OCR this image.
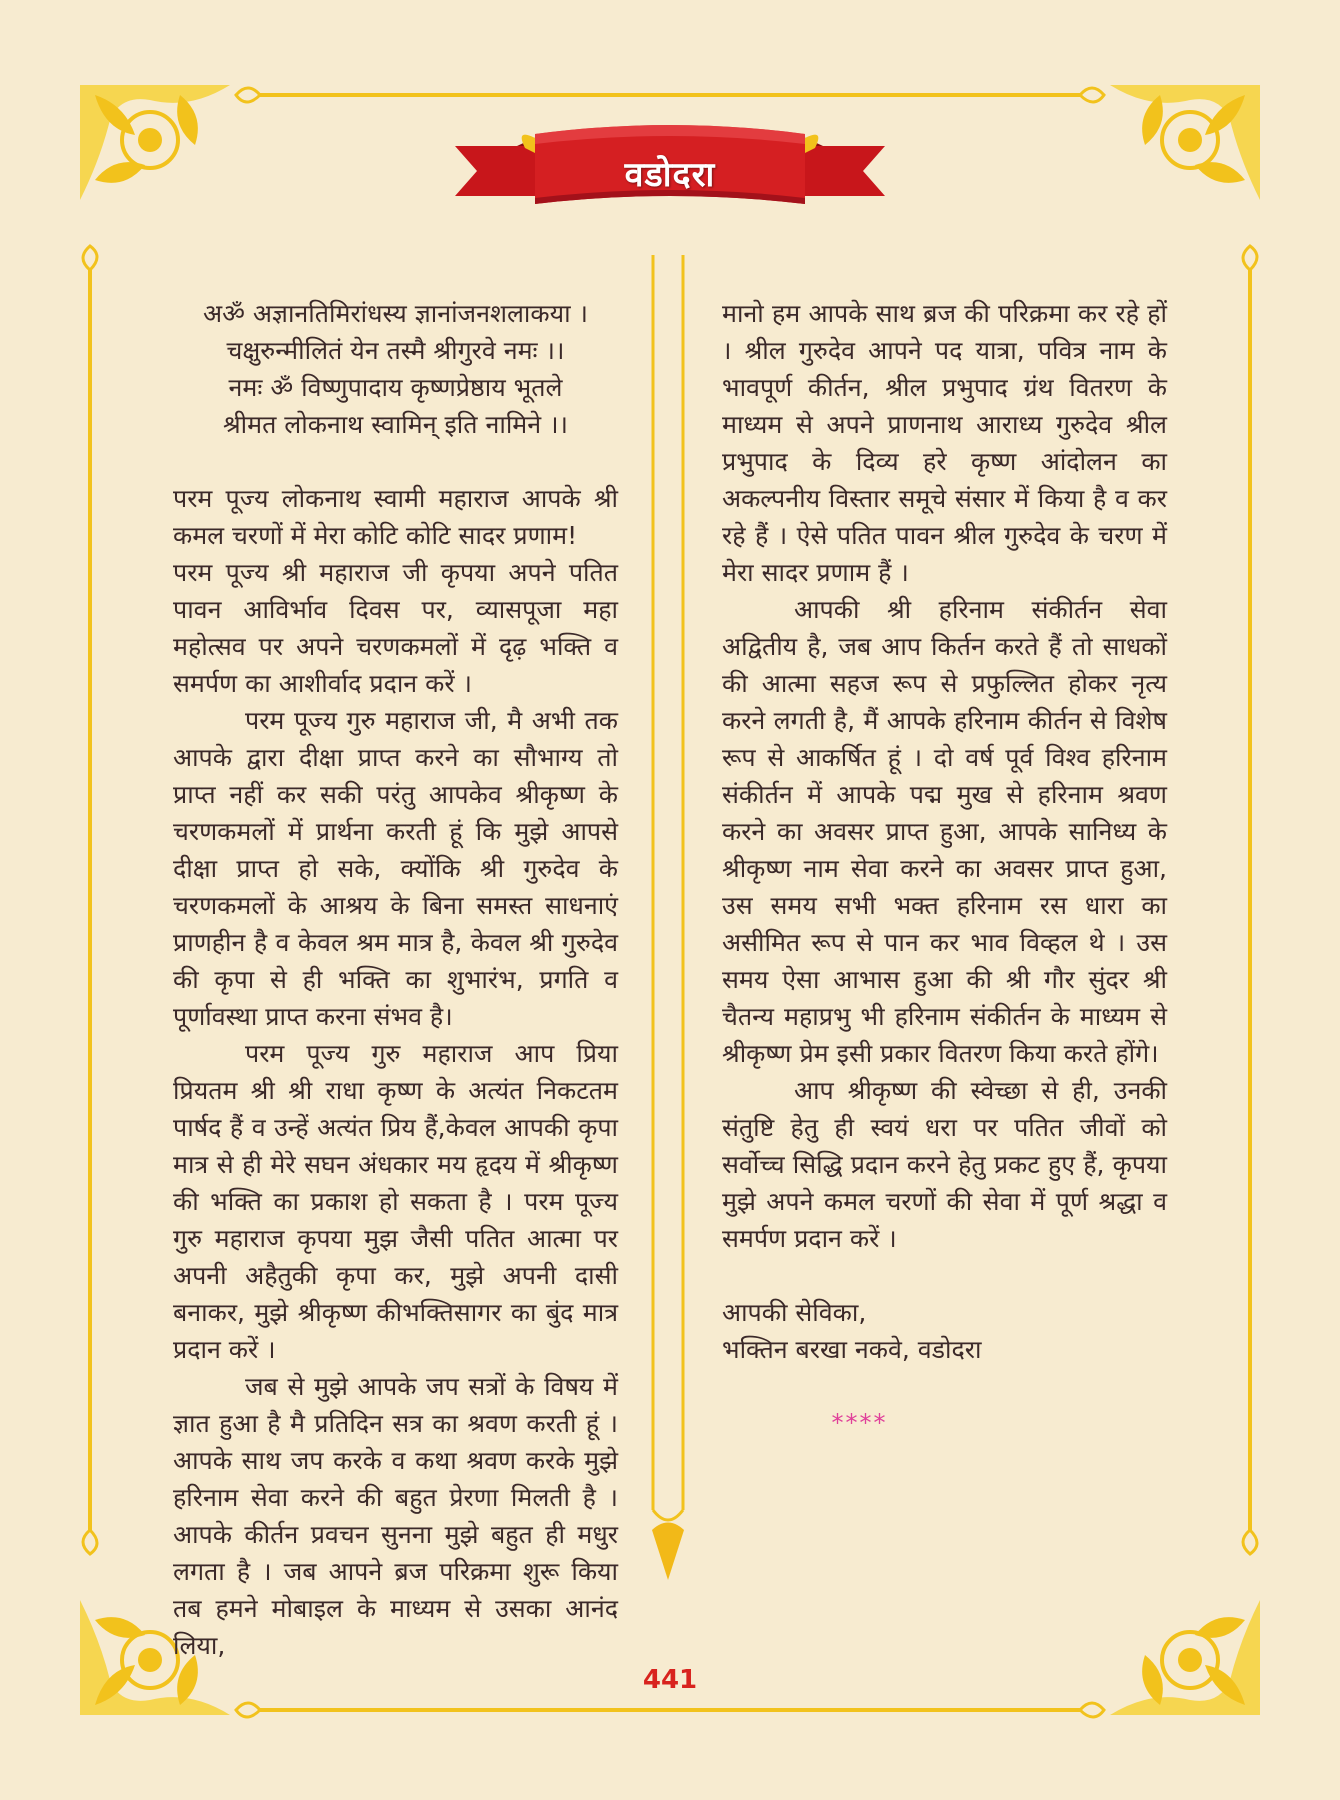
वडोदरा
अॐ अज्ञानतिमिरांधस्य ज्ञानांजनशलाकया ।
चक्षुरुन्मीलितं येन तस्मै श्रीगुरवे नमः ।।
नमः ॐ विष्णुपादाय कृष्णप्रेष्ठाय भूतले
श्रीमत लोकनाथ स्वामिन् इति नामिने ।।

परम पूज्य लोकनाथ स्वामी महाराज आपके श्री कमल चरणों में मेरा कोटि कोटि सादर प्रणाम!

परम पूज्य श्री महाराज जी कृपया अपने पतित पावन आविर्भाव दिवस पर, व्यासपूजा महा महोत्सव पर अपने चरणकमलों में दृढ़ भक्ति व समर्पण का आशीर्वाद प्रदान करें ।

परम पूज्य गुरु महाराज जी, मै अभी तक आपके द्वारा दीक्षा प्राप्त करने का सौभाग्य तो प्राप्त नहीं कर सकी परंतु आपकेव श्रीकृष्ण के चरणकमलों में प्रार्थना करती हूं कि मुझे आपसे दीक्षा प्राप्त हो सके, क्योंकि श्री गुरुदेव के चरणकमलों के आश्रय के बिना समस्त साधनाएं प्राणहीन है व केवल श्रम मात्र है, केवल श्री गुरुदेव की कृपा से ही भक्ति का शुभारंभ, प्रगति व पूर्णावस्था प्राप्त करना संभव है।

परम पूज्य गुरु महाराज आप प्रिया प्रियतम श्री श्री राधा कृष्ण के अत्यंत निकटतम पार्षद हैं व उन्हें अत्यंत प्रिय हैं,केवल आपकी कृपा मात्र से ही मेरे सघन अंधकार मय हृदय में श्रीकृष्ण की भक्ति का प्रकाश हो सकता है । परम पूज्य गुरु महाराज कृपया मुझ जैसी पतित आत्मा पर अपनी अहैतुकी कृपा कर, मुझे अपनी दासी बनाकर, मुझे श्रीकृष्ण कीभक्तिसागर का बुंद मात्र प्रदान करें ।

जब से मुझे आपके जप सत्रों के विषय में ज्ञात हुआ है मै प्रतिदिन सत्र का श्रवण करती हूं । आपके साथ जप करके व कथा श्रवण करके मुझे हरिनाम सेवा करने की बहुत प्रेरणा मिलती है । आपके कीर्तन प्रवचन सुनना मुझे बहुत ही मधुर लगता है । जब आपने ब्रज परिक्रमा शुरू किया तब हमने मोबाइल के माध्यम से उसका आनंद लिया,

मानो हम आपके साथ ब्रज की परिक्रमा कर रहे हों । श्रील गुरुदेव आपने पद यात्रा, पवित्र नाम के भावपूर्ण कीर्तन, श्रील प्रभुपाद ग्रंथ वितरण के माध्यम से अपने प्राणनाथ आराध्य गुरुदेव श्रील प्रभुपाद के दिव्य हरे कृष्ण आंदोलन का अकल्पनीय विस्तार समूचे संसार में किया है व कर रहे हैं । ऐसे पतित पावन श्रील गुरुदेव के चरण में मेरा सादर प्रणाम हैं ।

आपकी श्री हरिनाम संकीर्तन सेवा अद्वितीय है, जब आप किर्तन करते हैं तो साधकों की आत्मा सहज रूप से प्रफुल्लित होकर नृत्य करने लगती है, मैं आपके हरिनाम कीर्तन से विशेष रूप से आकर्षित हूं । दो वर्ष पूर्व विश्व हरिनाम संकीर्तन में आपके पद्म मुख से हरिनाम श्रवण करने का अवसर प्राप्त हुआ, आपके सानिध्य के श्रीकृष्ण नाम सेवा करने का अवसर प्राप्त हुआ, उस समय सभी भक्त हरिनाम रस धारा का असीमित रूप से पान कर भाव विव्हल थे । उस समय ऐसा आभास हुआ की श्री गौर सुंदर श्री चैतन्य महाप्रभु भी हरिनाम संकीर्तन के माध्यम से श्रीकृष्ण प्रेम इसी प्रकार वितरण किया करते होंगे।

आप श्रीकृष्ण की स्वेच्छा से ही, उनकी संतुष्टि हेतु ही स्वयं धरा पर पतित जीवों को सर्वोच्च सिद्धि प्रदान करने हेतु प्रकट हुए हैं, कृपया मुझे अपने कमल चरणों की सेवा में पूर्ण श्रद्धा व समर्पण प्रदान करें ।

आपकी सेविका,
भक्तिन बरखा नकवे, वडोदरा
****
441
